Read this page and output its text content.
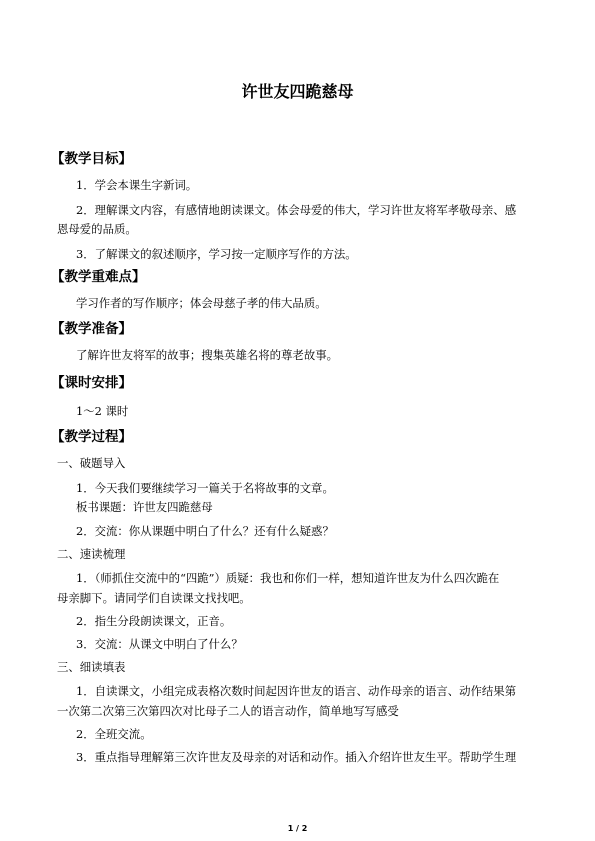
许世友四跪慈母
【教学目标】
1．学会本课生字新词。
2．理解课文内容，有感情地朗读课文。体会母爱的伟大，学习许世友将军孝敬母亲、感
恩母爱的品质。
3．了解课文的叙述顺序，学习按一定顺序写作的方法。
【教学重难点】
学习作者的写作顺序；体会母慈子孝的伟大品质。
【教学准备】
了解许世友将军的故事；搜集英雄名将的尊老故事。
【课时安排】
1～2 课时
【教学过程】
一、破题导入
1．今天我们要继续学习一篇关于名将故事的文章。
板书课题：许世友四跪慈母
2．交流：你从课题中明白了什么？还有什么疑惑？
二、速读梳理
1．（师抓住交流中的“四跪”）质疑：我也和你们一样，想知道许世友为什么四次跪在
母亲脚下。请同学们自读课文找找吧。
2．指生分段朗读课文，正音。
3．交流：从课文中明白了什么？
三、细读填表
1．自读课文，小组完成表格次数时间起因许世友的语言、动作母亲的语言、动作结果第
一次第二次第三次第四次对比母子二人的语言动作，简单地写写感受
2．全班交流。
3．重点指导理解第三次许世友及母亲的对话和动作。插入介绍许世友生平。帮助学生理
1 / 2
